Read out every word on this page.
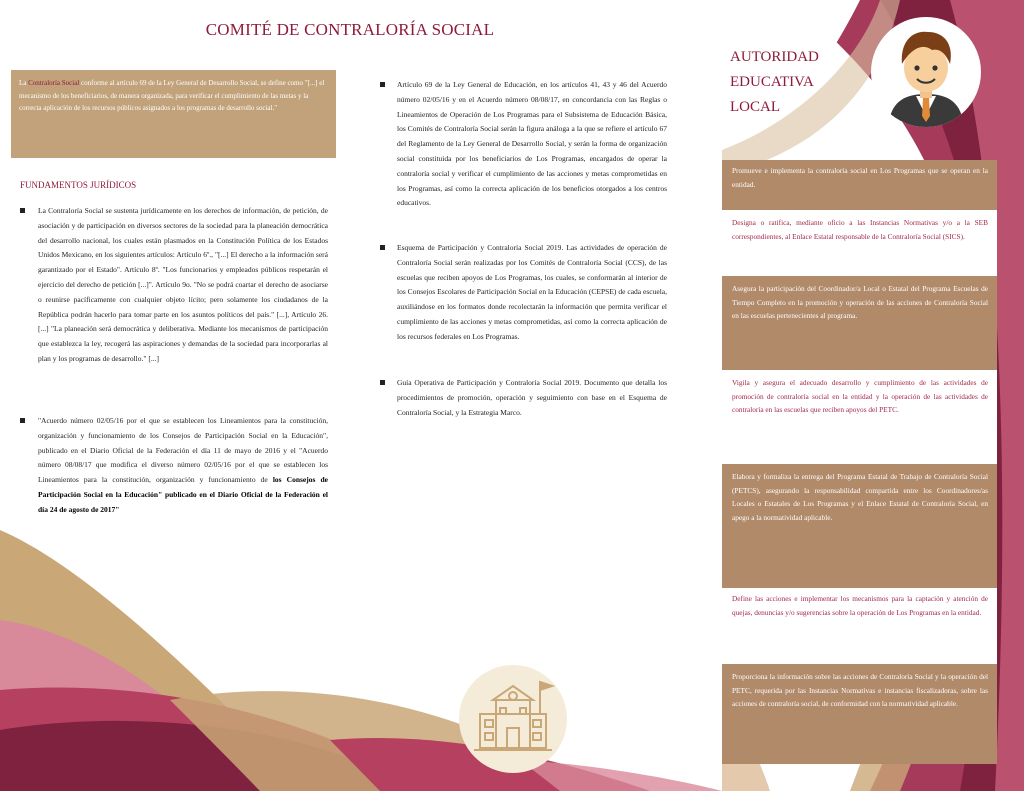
COMITÉ DE CONTRALORÍA SOCIAL
La Contraloría Social conforme al artículo 69 de la Ley General de Desarrollo Social, se define como "[...] el mecanismo de los beneficiarios, de manera organizada, para verificar el cumplimiento de las metas y la correcta aplicación de los recursos públicos asignados a los programas de desarrollo social."
FUNDAMENTOS JURÍDICOS
La Contraloría Social se sustenta jurídicamente en los derechos de información, de petición, de asociación y de participación en diversos sectores de la sociedad para la planeación democrática del desarrollo nacional, los cuales están plasmados en la Constitución Política de los Estados Unidos Mexicano, en los siguientes artículos: Artículo 6º., "[...] El derecho a la información será garantizado por el Estado". Artículo 8º. "Los funcionarios y empleados públicos respetarán el ejercicio del derecho de petición [...]". Artículo 9o. "No se podrá coartar el derecho de asociarse o reunirse pacíficamente con cualquier objeto lícito; pero solamente los ciudadanos de la República podrán hacerlo para tomar parte en los asuntos políticos del país." [...], Artículo 26. [...] "La planeación será democrática y deliberativa. Mediante los mecanismos de participación que establezca la ley, recogerá las aspiraciones y demandas de la sociedad para incorporarlas al plan y los programas de desarrollo." [...]
"Acuerdo número 02/05/16 por el que se establecen los Lineamientos para la constitución, organización y funcionamiento de los Consejos de Participación Social en la Educación", publicado en el Diario Oficial de la Federación el día 11 de mayo de 2016 y el "Acuerdo número 08/08/17 que modifica el diverso número 02/05/16 por el que se establecen los Lineamientos para la constitución, organización y funcionamiento de los Consejos de Participación Social en la Educación" publicado en el Diario Oficial de la Federación el día 24 de agosto de 2017"
Artículo 69 de la Ley General de Educación, en los artículos 41, 43 y 46 del Acuerdo número 02/05/16 y en el Acuerdo número 08/08/17, en concordancia con las Reglas o Lineamientos de Operación de Los Programas para el Subsistema de Educación Básica, los Comités de Contraloría Social serán la figura análoga a la que se refiere el artículo 67 del Reglamento de la Ley General de Desarrollo Social, y serán la forma de organización social constituida por los beneficiarios de Los Programas, encargados de operar la contraloría social y verificar el cumplimiento de las acciones y metas comprometidas en los Programas, así como la correcta aplicación de los beneficios otorgados a los centros educativos.
Esquema de Participación y Contraloría Social 2019. Las actividades de operación de Contraloría Social serán realizadas por los Comités de Contraloría Social (CCS), de las escuelas que reciben apoyos de Los Programas, los cuales, se conformarán al interior de los Consejos Escolares de Participación Social en la Educación (CEPSE) de cada escuela, auxiliándose en los formatos donde recolectarán la información que permita verificar el cumplimiento de las acciones y metas comprometidas, así como la correcta aplicación de los recursos federales en Los Programas.
Guía Operativa de Participación y Contraloría Social 2019. Documento que detalla los procedimientos de promoción, operación y seguimiento con base en el Esquema de Contraloría Social, y la Estrategia Marco.
AUTORIDAD
EDUCATIVA
LOCAL
Promueve e implementa la contraloría social en Los Programas que se operan en la entidad.
Designa o ratifica, mediante oficio a las Instancias Normativas y/o a la SEB correspondientes, al Enlace Estatal responsable de la Contraloría Social (SICS).
Asegura la participación del Coordinador/a Local o Estatal del Programa Escuelas de Tiempo Completo en la promoción y operación de las acciones de Contraloría Social en las escuelas pertenecientes al programa.
Vigila y asegura el adecuado desarrollo y cumplimiento de las actividades de promoción de contraloría social en la entidad y la operación de las actividades de contraloría en las escuelas que reciben apoyos del PETC.
Elabora y formaliza la entrega del Programa Estatal de Trabajo de Contraloría Social (PETCS), asegurando la responsabilidad compartida entre los Coordinadores/as Locales o Estatales de Los Programas y el Enlace Estatal de Contraloría Social, en apego a la normatividad aplicable.
Define las acciones e implementar los mecanismos para la captación y atención de quejas, denuncias y/o sugerencias sobre la operación de Los Programas en la entidad.
Proporciona la información sobre las acciones de Contraloría Social y la operación del PETC, requerida por las Instancias Normativas e instancias fiscalizadoras, sobre las acciones de contraloría social, de conformidad con la normatividad aplicable.
